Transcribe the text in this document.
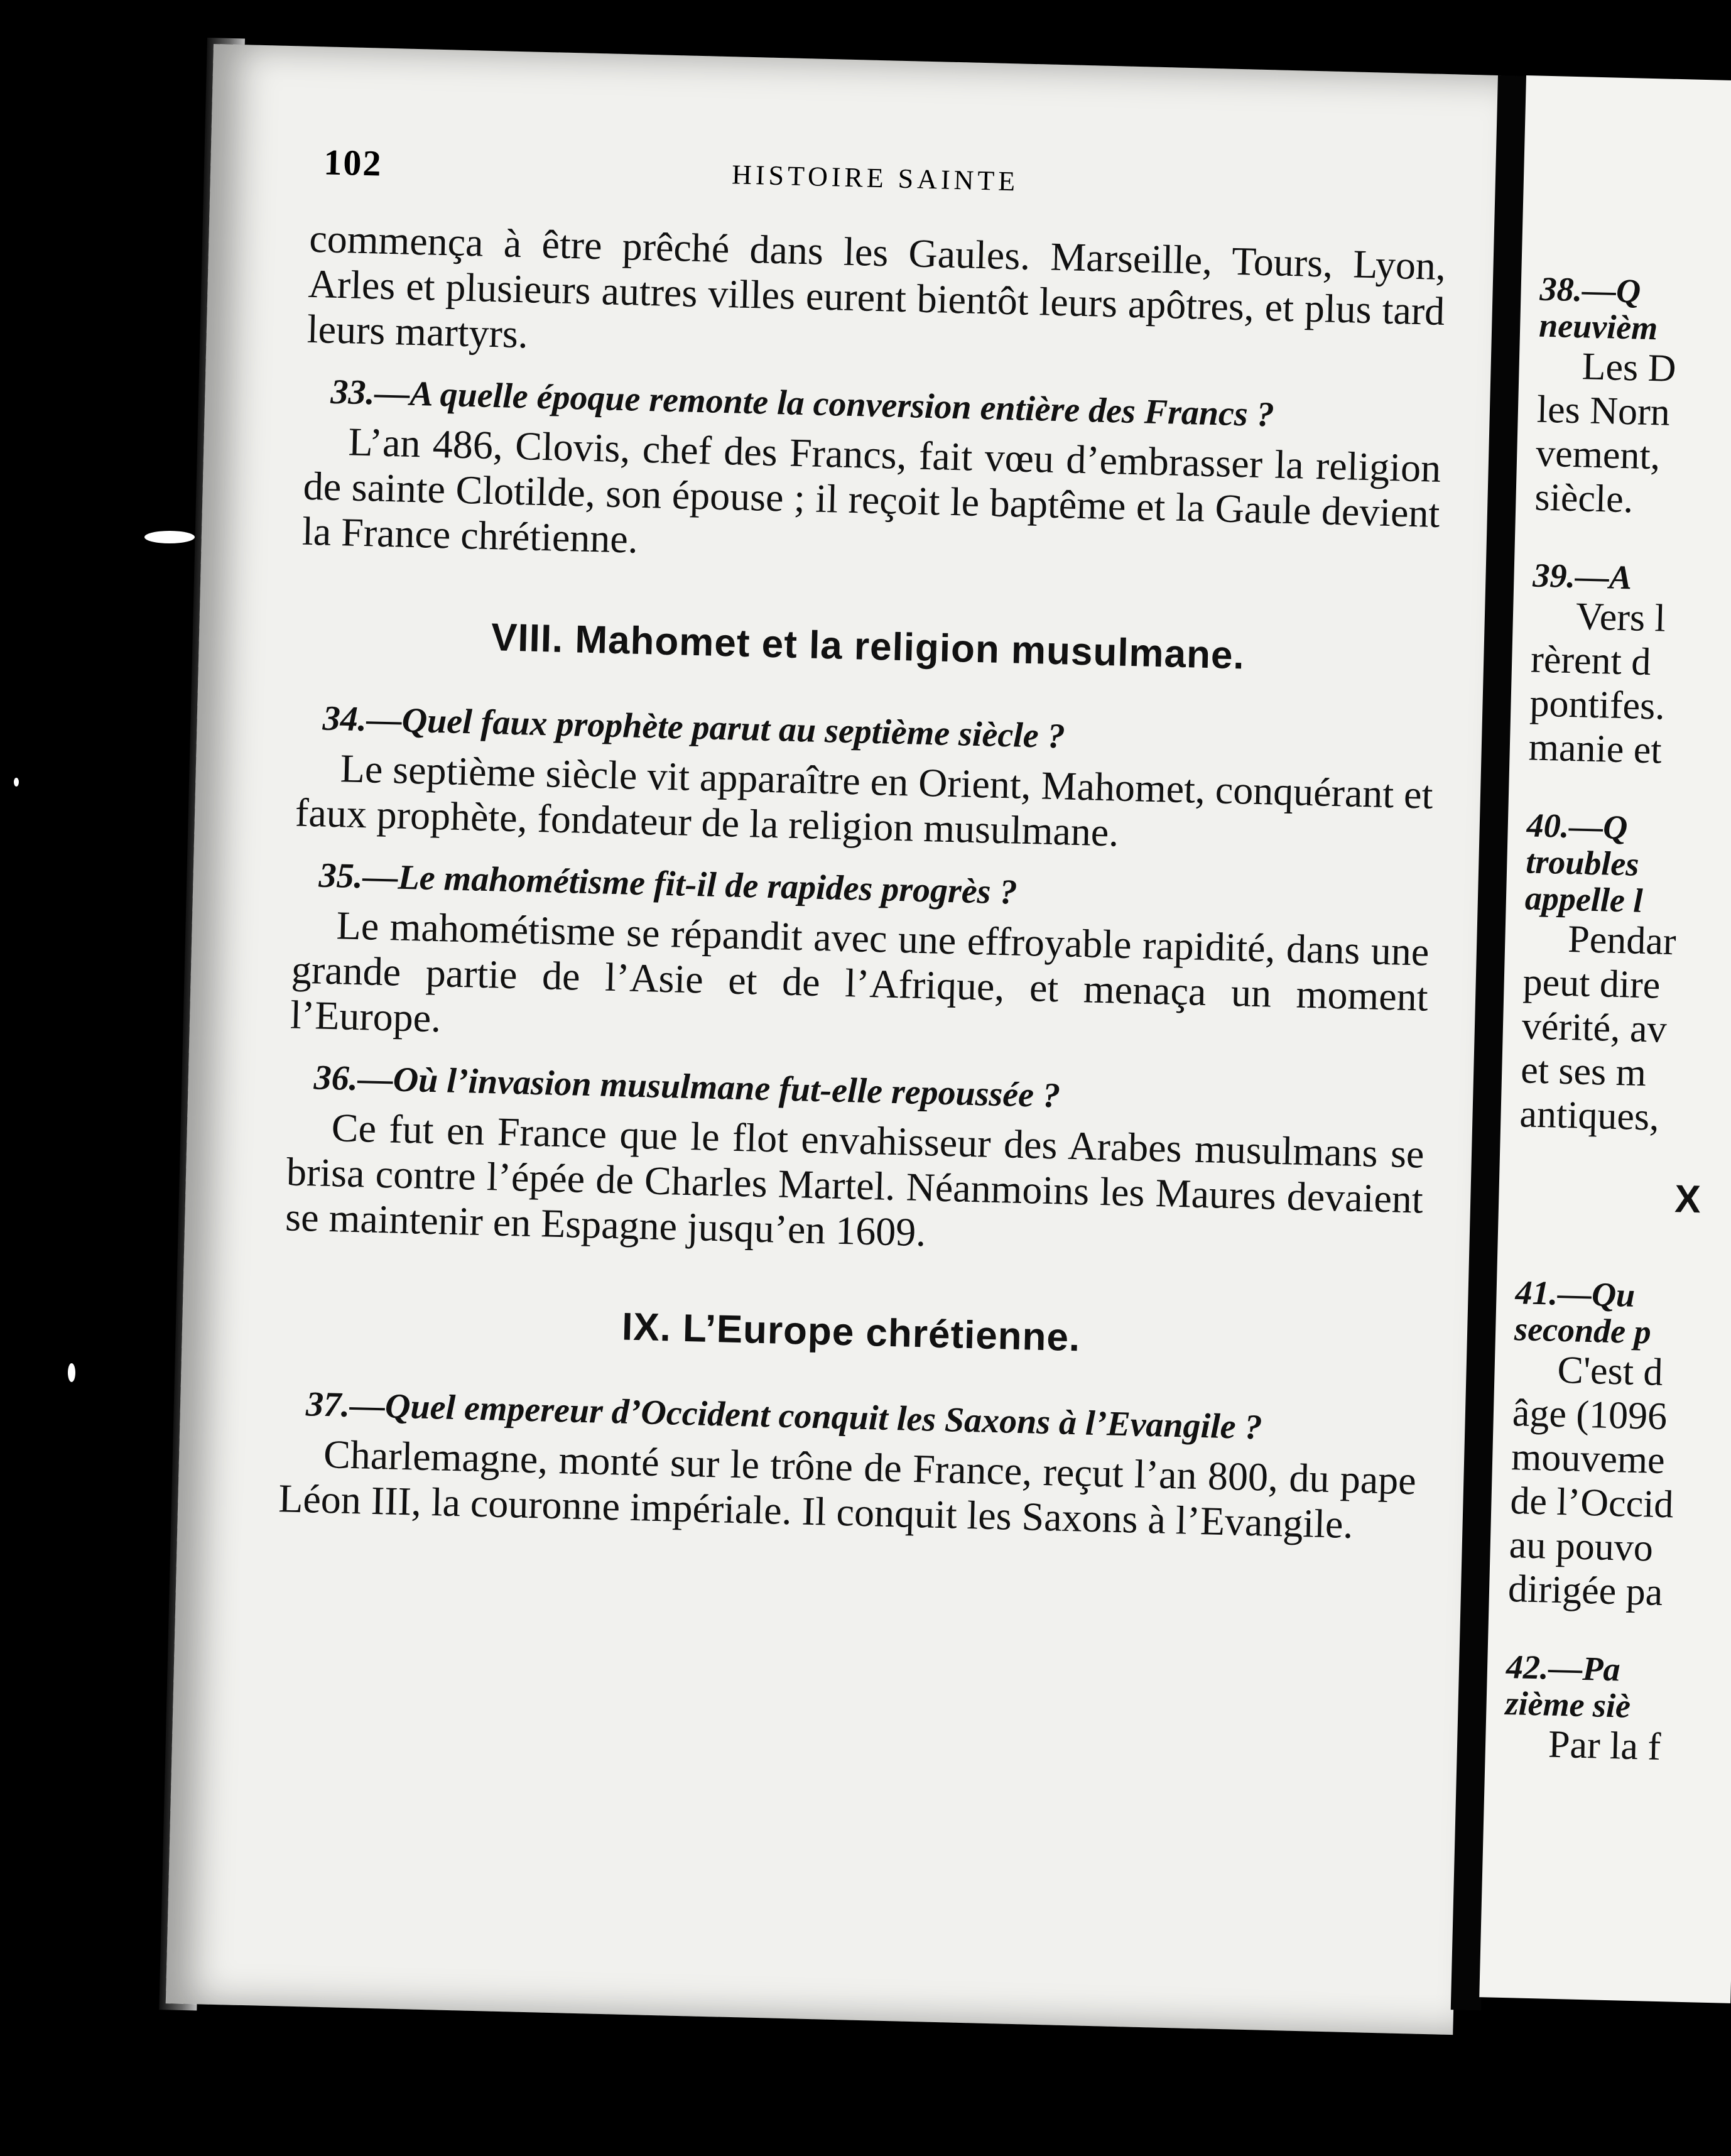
102	HISTOIRE SAINTE

commença à être prêché dans les Gaules. Marseille, Tours, Lyon, Arles et plusieurs autres villes eurent bientôt leurs apôtres, et plus tard leurs martyrs.

33.—A quelle époque remonte la conversion entière des Francs ?

L’an 486, Clovis, chef des Francs, fait vœu d’embrasser la religion de sainte Clotilde, son épouse ; il reçoit le baptême et la Gaule devient la France chrétienne.

VIII. Mahomet et la religion musulmane.

34.—Quel faux prophète parut au septième siècle ?

Le septième siècle vit apparaître en Orient, Mahomet, conquérant et faux prophète, fondateur de la religion musulmane.

35.—Le mahométisme fit-il de rapides progrès ?

Le mahométisme se répandit avec une effroyable rapidité, dans une grande partie de l’Asie et de l’Afrique, et menaça un moment l’Europe.

36.—Où l’invasion musulmane fut-elle repoussée ?

Ce fut en France que le flot envahisseur des Arabes musulmans se brisa contre l’épée de Charles Martel. Néanmoins les Maures devaient se maintenir en Espagne jusqu’en 1609.

IX. L’Europe chrétienne.

37.—Quel empereur d’Occident conquit les Saxons à l’Evangile ?

Charlemagne, monté sur le trône de France, reçut l’an 800, du pape Léon III, la couronne impériale. Il conquit les Saxons à l’Evangile.

38.—Q
neuvièm
Les D
les Norn
vement,
siècle.
39.—A
Vers l
rèrent d
pontifes.
manie et
40.—Q
troubles
appelle l
Pendar
peut dire
vérité, av
et ses m
antiques,
X
41.—Qu
seconde p
C'est d
âge (1096
mouveme
de l’Occid
au pouvo
dirigée pa
42.—Pa
zième siè
Par la f
